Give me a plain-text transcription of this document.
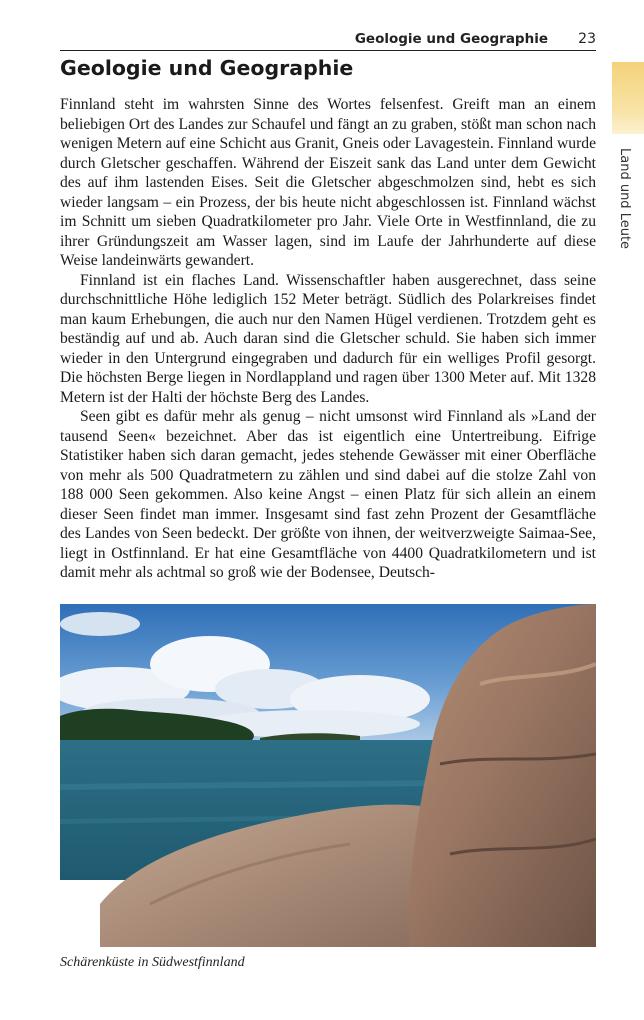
Geologie und Geographie 23
Land und Leute
Geologie und Geographie

Finnland steht im wahrsten Sinne des Wortes felsenfest. Greift man an einem beliebigen Ort des Landes zur Schaufel und fängt an zu graben, stößt man schon nach wenigen Metern auf eine Schicht aus Granit, Gneis oder Lavagestein. Finnland wurde durch Gletscher geschaffen. Während der Eiszeit sank das Land unter dem Gewicht des auf ihm lastenden Eises. Seit die Gletscher abgeschmolzen sind, hebt es sich wieder langsam – ein Prozess, der bis heute nicht abgeschlossen ist. Finnland wächst im Schnitt um sieben Quadratkilometer pro Jahr. Viele Orte in Westfinnland, die zu ihrer Gründungszeit am Wasser lagen, sind im Laufe der Jahrhunderte auf diese Weise landeinwärts gewandert.

Finnland ist ein flaches Land. Wissenschaftler haben ausgerechnet, dass seine durchschnittliche Höhe lediglich 152 Meter beträgt. Südlich des Polarkreises findet man kaum Erhebungen, die auch nur den Namen Hügel verdienen. Trotzdem geht es beständig auf und ab. Auch daran sind die Gletscher schuld. Sie haben sich immer wieder in den Untergrund eingegraben und dadurch für ein welliges Profil gesorgt. Die höchsten Berge liegen in Nordlappland und ragen über 1300 Meter auf. Mit 1328 Metern ist der Halti der höchste Berg des Landes.

Seen gibt es dafür mehr als genug – nicht umsonst wird Finnland als »Land der tausend Seen« bezeichnet. Aber das ist eigentlich eine Untertreibung. Eifrige Statistiker haben sich daran gemacht, jedes stehende Gewässer mit einer Oberfläche von mehr als 500 Quadratmetern zu zählen und sind dabei auf die stolze Zahl von 188 000 Seen gekommen. Also keine Angst – einen Platz für sich allein an einem dieser Seen findet man immer. Insgesamt sind fast zehn Prozent der Gesamtfläche des Landes von Seen bedeckt. Der größte von ihnen, der weitverzweigte Saimaa-See, liegt in Ostfinnland. Er hat eine Gesamtfläche von 4400 Quadratkilometern und ist damit mehr als achtmal so groß wie der Bodensee, Deutsch-

Schärenküste in Südwestfinnland
